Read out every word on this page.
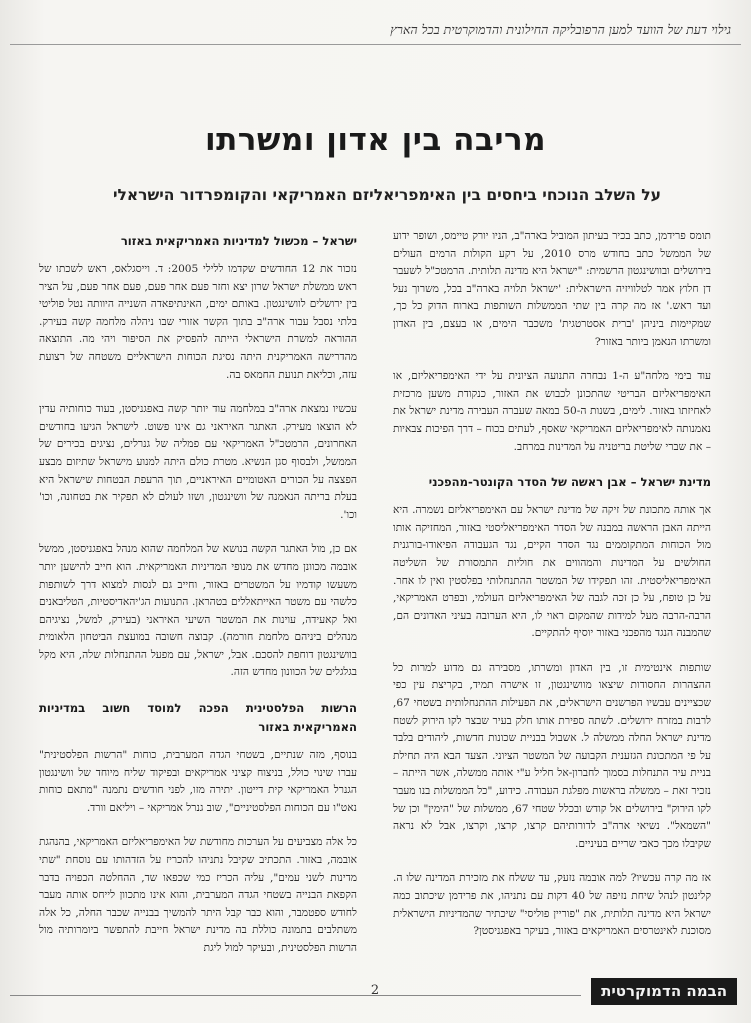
גילוי דעת של הוועד למען הרפובליקה החילונית והדמוקרטית בכל הארץ
מריבה בין אדון ומשרתו
על השלב הנוכחי ביחסים בין האימפריאליזם האמריקאי והקומפרדור הישראלי

תומס פרידמן, כתב בכיר בעיתון המוביל בארה"ב, הניו יורק טיימס, ושופר ידוע של הממשל כתב בחודש מרס 2010, על רקע הקולות הרמים העולים בירושלים ובוושינגטון הרשמית: "ישראל היא מדינה תלותית. הרמטכ"ל לשעבר דן חלוץ אמר לטלוויזיה הישראלית: 'ישראל תלויה בארה"ב בכל, משרוך נעל ועד ראש.' אז מה קרה בין שתי הממשלות השותפות בארוח הדוק כל כך, שמקיימות ביניהן 'ברית אסטרטגית' משכבר הימים, או בעצם, בין האדון ומשרתו הנאמן ביותר באזור?

עוד בימי מלחה"ע ה-1 נבחרה התנועה הציונית על ידי האימפריאליזם, או האימפריאליזם הבריטי שהתכונן לכבוש את האזור, כנקודת משען מרכזית לאחיזתו באזור. לימים, בשנות ה-50 במאה שעברה העבירה מדינת ישראל את נאמנותה לאימפריאליזם האמריקאי שאסף, לעתים בכוח – דרך הפיכות צבאיות – את שברי שליטת בריטניה על המדינות במרחב.

מדינת ישראל – אבן ראשה של הסדר הקונטר-מהפכני

אך אותה מתכונת של זיקה של מדינת ישראל עם האימפריאליזם נשמרה. היא הייתה האבן הראשה במבנה של הסדר האימפריאליסטי באזור, המחזיקה אותו מול הכוחות המתקוממים נגד הסדר הקיים, נגד הגעבודה הפיאודו-בורגנית החולשים על המדינות והמהווים את חוליות התמסורת של השליטה האימפריאליסטית. זהו תפקידו של המשטר ההתנחלותי בפלסטין ואין לו אחר. על כן טופח, על כן זכה לגבה של האימפריאליזם העולמי, ובפרט האמריקאי, הרבה-הרבה מעל למידות שהמקום ראוי לו, היא הערובה בעיני האדונים הם, שהמבנה הנגד מהפכני באזור יוסיף להתקיים.

שותפות אינטימית זו, בין האדון ומשרתו, מסבירה גם מדוע למרות כל ההצהרות החסודות שיצאו מוושינגטון, זו אישרה תמיד, בקריצת עין כפי שכציינים עבשיו הפרשנים הישראלים, את הפעילות ההתנחלותית בשטחי 67, לרבות במזרח ירושלים. לשתה ספירת אותו חלק בעיר שבצר לקו הירוק לשטח מדינת ישראל החלה ממשלה ל. אשבול בבניית שכונות חדשות, ליהודים בלבד על פי המתכונת הגזענית הקבועה של המשטר הציוני. הצעד הבא היה תחילת בניית עיר התנחלות בסמוך לחברון-אל חליל ע"י אותה ממשלה, אשר הייתה – נזכיר זאת – ממשלה בראשות מפלגת העבודה. כידוע, "כל הממשלות בנו מעבר לקו הירוק" בירושלים אל קודש ובכלל שטחי 67, ממשלות של "הימין" וכן של "השמאל". נשיאי ארה"ב לדורותיהם קרצו, קרצו, וקרצו, אבל לא נראה שקיבלו מכך כאבי שריים בעיניים.

אז מה קרה עכשיו? למה אובמה נזעק, עד ששלח את מזכירת המדינה שלו ה. קלינטון לנהל שיחת נזיפה של 40 דקות עם נתניהו, את פרידמן שיכתוב כמה ישראל היא מדינה תלותית, את "פוריין פוליסי" שיכתיר שהמדיניות הישראלית מסוכנת לאינטרסים האמריקאים באזור, בעיקר באפגניסטן?

ישראל – מכשול למדיניות האמריקאית באזור

נזכור את 12 החודשים שקדמו ללילי 2005: ד. וייסגלאס, ראש לשכתו של ראש ממשלת ישראל שרון יצא וחזר פעם אחר פעם, פעם אחר פעם, על הציר בין ירושלים לוושינגטון. באותם ימים, האינתיפאדה השנייה היוותה נטל פוליטי בלתי נסבל עבור ארה"ב בתוך הקשר אזורי שבו ניהלה מלחמה קשה בעירק. ההוראה למשרת הישראלי הייתה להפסיק את הסיפור ויהי מה. התוצאה מהדרישה האמריקנית היתה נסיגת הכוחות הישראליים משטחה של רצועת עזה, וכליאת תנועת החמאס בה.

עכשיו נמצאת ארה"ב במלחמה עוד יותר קשה באפגניסטן, בעוד כוחותיה עדין לא הוצאו מעירק. האתגר האיראני גם אינו פשוט. לישראל הגיעו בחודשים האחרונים, הרמטכ"ל האמריקאי עם פמליה של גנרלים, נציגים בכירים של הממשל, ולבסוף סגן הנשיא. מטרת כולם היתה למנוע מישראל שתיזום מבצע הפצצה על הכורים האטומיים האיראניים, תוך הרעפת הבטחות שישראל היא בעלת בריתה הנאמנה של וושינגטון, ושזו לעולם לא תפקיר את בטחונה, וכו' וכו'.

אם כן, מול האתגר הקשה בנושא של המלחמה שהוא מנהל באפגניסטן, ממשל אובמה מכוונן מחדש את מנופי המדיניות האמריקאית. הוא חייב להישען יותר משעשו קודמיו על המשטרים באזור, וחייב גם לנסות למצוא דרך לשותפות כלשהי עם משטר האייתאללים בטהראן. התנועות הג'יהאדיסטיות, הטליבאנים ואל קאעידה, עוינות את המשטר השיעי האיראני (בעירק, למשל, נציגיהם מנהלים ביניהם מלחמת חורמה). קבוצה חשובה במועצת הביטחון הלאומית בוושינגטון דוחפת להסכם. אבל, ישראל, עם מפעל ההתנחלות שלה, היא מקל בגלגלים של הכוונון מחדש הזה.

הרשות הפלסטינית הפכה למוסד חשוב במדיניות האמריקאית באזור

בנוסף, מזה שנתיים, בשטחי הגדה המערבית, כוחות "הרשות הפלסטינית" עברו שינוי כולל, בניצוח קציני אמריקאים ובפיקוד שליח מיוחד של וושינגטון הגנרל האמריקאי קית דייטון. יתירה מזו, לפני חודשים נתמנה "מתאם כוחות נאט"ו עם הכוחות הפלסטיניים", שוב גנרל אמריקאי – ויליאם וורד.

כל אלה מצביעים על הערכות מחודשת של האימפריאליזם האמריקאי, בהנהגת אובמה, באזור. התכתיב שקיבל נתניהו להכריז על הזדהותו עם נוסחת "שתי מדינות לשני עמים", עליה הכריז כמי שכפאו שד, ההחלטה הכפויה בדבר הקפאת הבנייה בשטחי הגדה המערבית, והוא אינו מתכוון לייחס אותה מעבר לחודש ספטמבר, והוא כבר קבל היתר להמשיך בבנייה שכבר החלה, כל אלה משתלבים בתמונה כוללת בה מדינת ישראל חייבת להתפשר ביומרותיה מול הרשות הפלסטינית, ובעיקר למול ליגת

2	הבמה הדמוקרטית
